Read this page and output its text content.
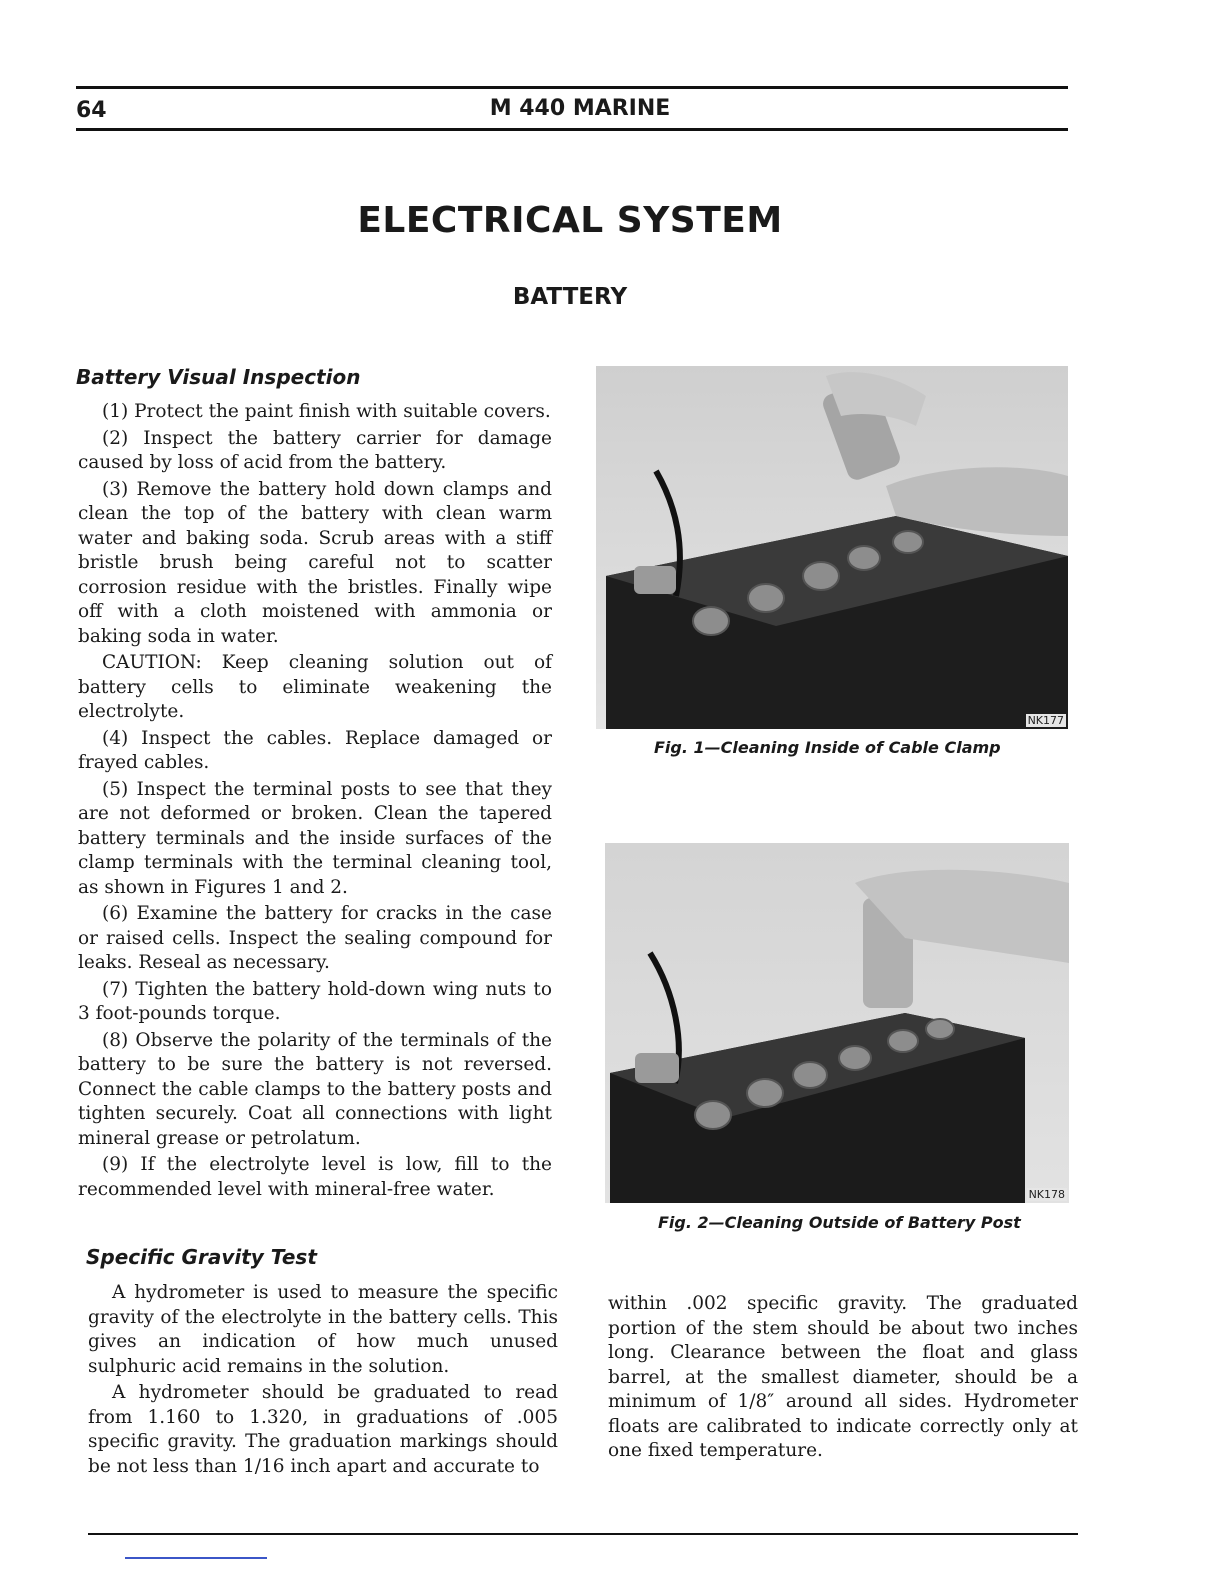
64	M 440 MARINE
ELECTRICAL SYSTEM
BATTERY
Battery Visual Inspection

(1) Protect the paint finish with suitable covers.

(2) Inspect the battery carrier for damage caused by loss of acid from the battery.

(3) Remove the battery hold down clamps and clean the top of the battery with clean warm water and baking soda. Scrub areas with a stiff bristle brush being careful not to scatter corrosion residue with the bristles. Finally wipe off with a cloth moistened with ammonia or baking soda in water.

CAUTION: Keep cleaning solution out of battery cells to eliminate weakening the electrolyte.

(4) Inspect the cables. Replace damaged or frayed cables.

(5) Inspect the terminal posts to see that they are not deformed or broken. Clean the tapered battery terminals and the inside surfaces of the clamp terminals with the terminal cleaning tool, as shown in Figures 1 and 2.

(6) Examine the battery for cracks in the case or raised cells. Inspect the sealing compound for leaks. Reseal as necessary.

(7) Tighten the battery hold-down wing nuts to 3 foot-pounds torque.

(8) Observe the polarity of the terminals of the battery to be sure the battery is not reversed. Connect the cable clamps to the battery posts and tighten securely. Coat all connections with light mineral grease or petrolatum.

(9) If the electrolyte level is low, fill to the recommended level with mineral-free water.

Specific Gravity Test

A hydrometer is used to measure the specific gravity of the electrolyte in the battery cells. This gives an indication of how much unused sulphuric acid remains in the solution.

A hydrometer should be graduated to read from 1.160 to 1.320, in graduations of .005 specific gravity. The graduation markings should be not less than 1/16 inch apart and accurate to

within .002 specific gravity. The graduated portion of the stem should be about two inches long. Clearance between the float and glass barrel, at the smallest diameter, should be a minimum of 1/8″ around all sides. Hydrometer floats are calibrated to indicate correctly only at one fixed temperature.

NK177
Fig. 1—Cleaning Inside of Cable Clamp
NK178
Fig. 2—Cleaning Outside of Battery Post
